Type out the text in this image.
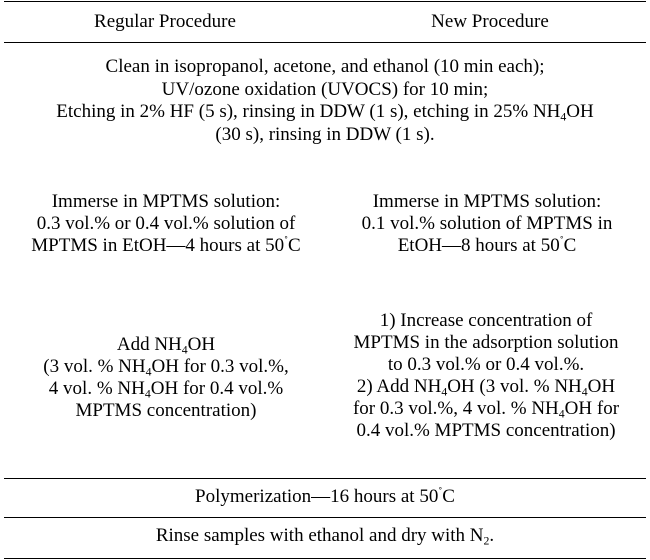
Regular Procedure	New Procedure
Clean in isopropanol, acetone, and ethanol (10 min each);
UV/ozone oxidation (UVOCS) for 10 min;
Etching in 2% HF (5 s), rinsing in DDW (1 s), etching in 25% $NH_4OH$
(30 s), rinsing in DDW (1 s).
Immerse in MPTMS solution:
0.3 vol.% or 0.4 vol.% solution of
MPTMS in EtOH—4 hours at 50˚C
Immerse in MPTMS solution:
0.1 vol.% solution of MPTMS in
EtOH—8 hours at 50˚C
Add $NH_4OH$
(3 vol. % $NH_4OH$ for 0.3 vol.%,
4 vol. % $NH_4OH$ for 0.4 vol.%
MPTMS concentration)
1) Increase concentration of
MPTMS in the adsorption solution
to 0.3 vol.% or 0.4 vol.%.
2) Add $NH_4OH$ (3 vol. % $NH_4OH$
for 0.3 vol.%, 4 vol. % $NH_4OH$ for
0.4 vol.% MPTMS concentration)
Polymerization—16 hours at 50˚C
Rinse samples with ethanol and dry with $N_2$.
